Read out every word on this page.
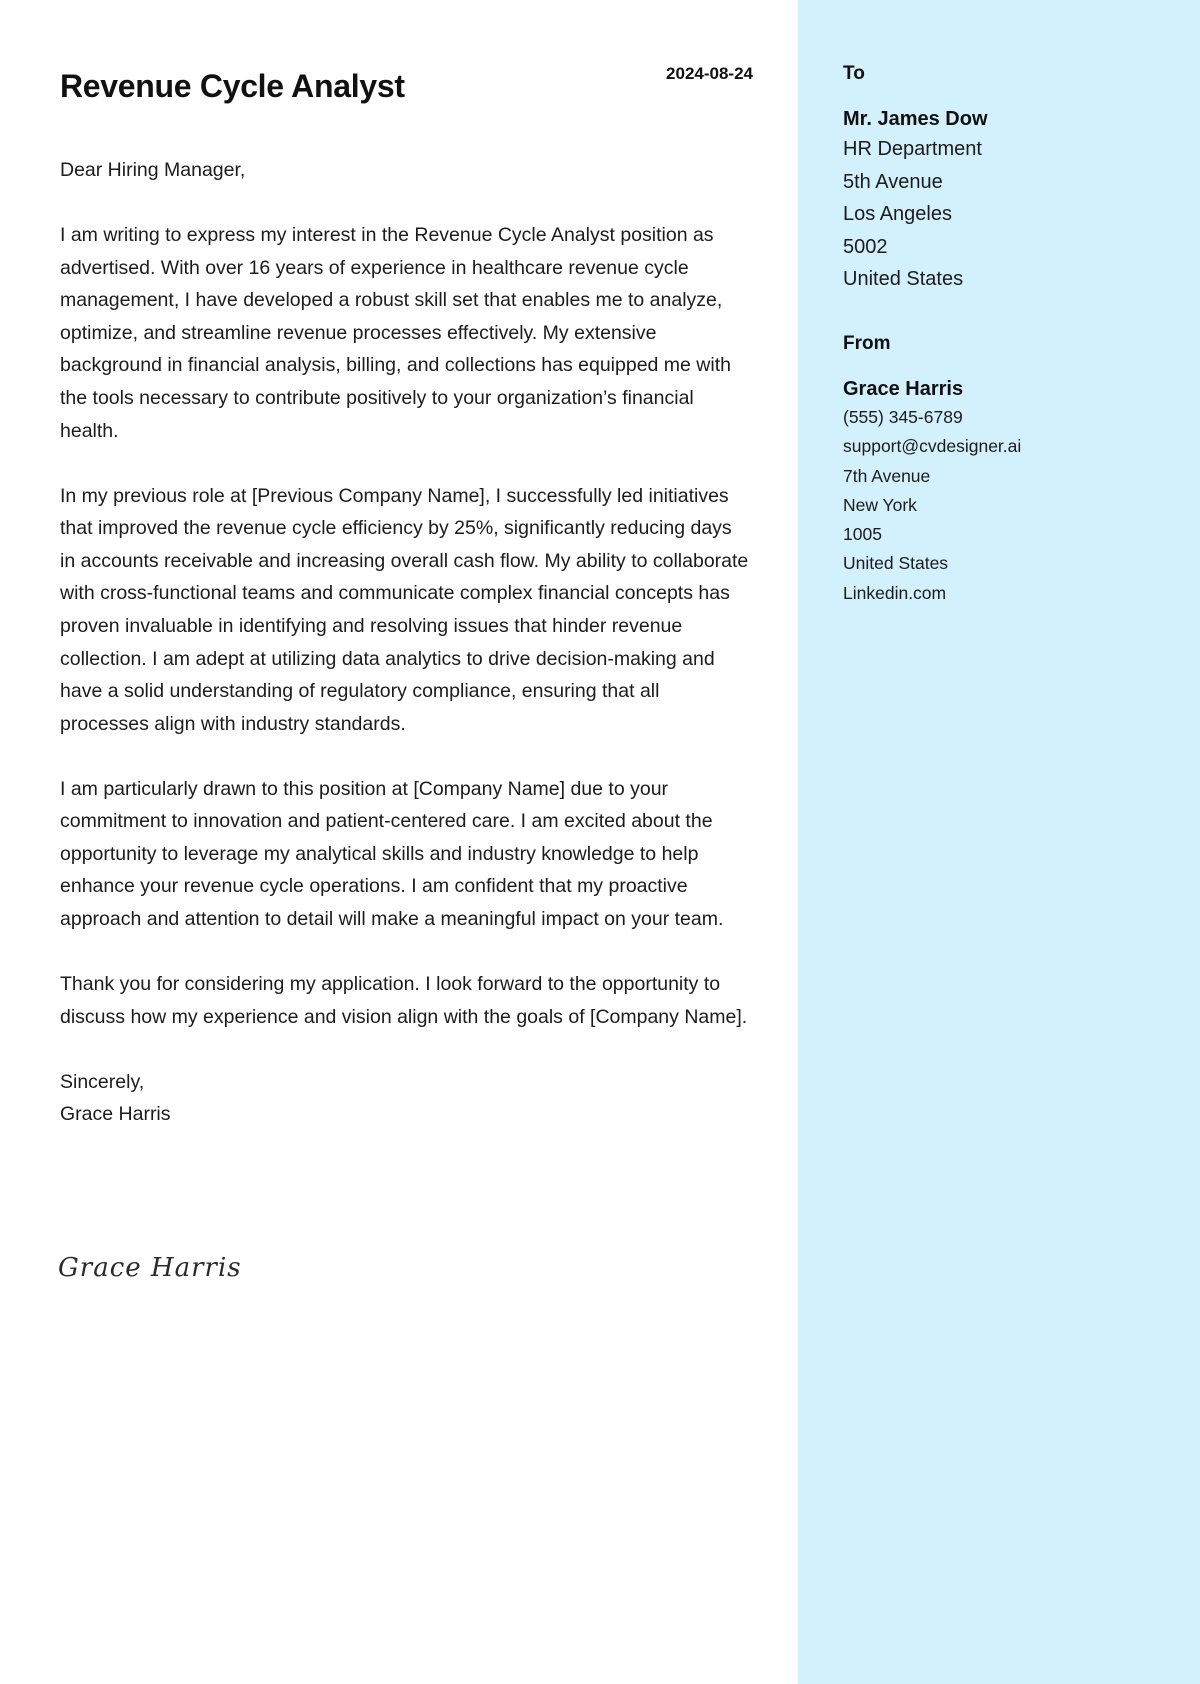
Revenue Cycle Analyst	2024-08-24

Dear Hiring Manager,

I am writing to express my interest in the Revenue Cycle Analyst position as advertised. With over 16 years of experience in healthcare revenue cycle management, I have developed a robust skill set that enables me to analyze, optimize, and streamline revenue processes effectively. My extensive background in financial analysis, billing, and collections has equipped me with the tools necessary to contribute positively to your organization’s financial health.

In my previous role at [Previous Company Name], I successfully led initiatives that improved the revenue cycle efficiency by 25%, significantly reducing days in accounts receivable and increasing overall cash flow. My ability to collaborate with cross-functional teams and communicate complex financial concepts has proven invaluable in identifying and resolving issues that hinder revenue collection. I am adept at utilizing data analytics to drive decision-making and have a solid understanding of regulatory compliance, ensuring that all processes align with industry standards.

I am particularly drawn to this position at [Company Name] due to your commitment to innovation and patient-centered care. I am excited about the opportunity to leverage my analytical skills and industry knowledge to help enhance your revenue cycle operations. I am confident that my proactive approach and attention to detail will make a meaningful impact on your team.

Thank you for considering my application. I look forward to the opportunity to discuss how my experience and vision align with the goals of [Company Name].

Sincerely,
Grace Harris
Grace Harris
To
Mr. James Dow
HR Department
5th Avenue
Los Angeles
5002
United States
From
Grace Harris
(555) 345-6789
support@cvdesigner.ai
7th Avenue
New York
1005
United States
Linkedin.com
